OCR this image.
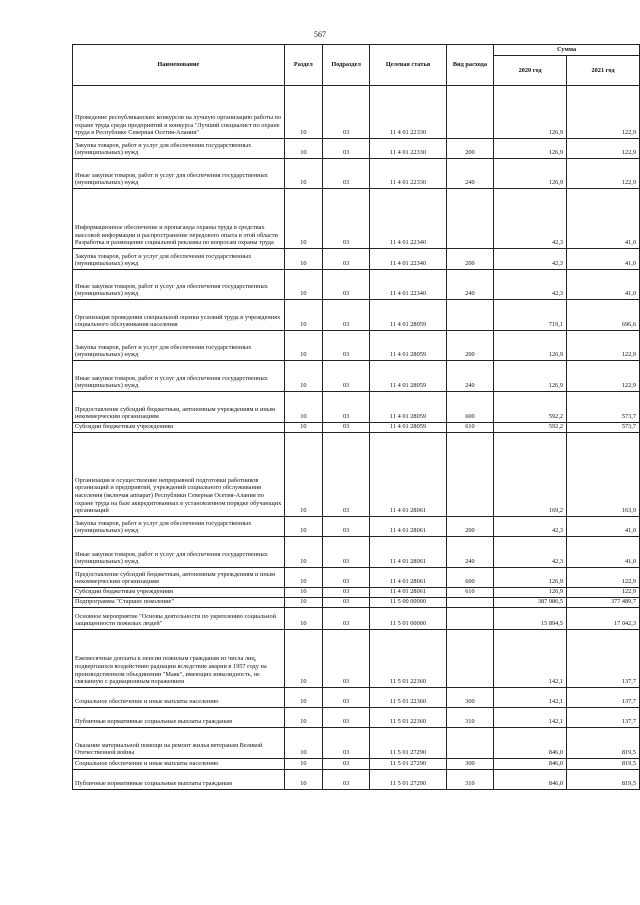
567
Наименование	Раздел	Подраздел	Целевая статья	Вид расхода	Сумма	
					2020 год	2021 год
Проведение республиканских конкурсов на лучшую организацию работы по охране труда среди предприятий и конкурса "Лучший специалист по охране труда в Республике Северная Осетия-Алания"	10	03	11 4 01 22330		126,9	122,9
Закупка товаров, работ и услуг для обеспечения государственных (муниципальных) нужд	10	03	11 4 01 22330	200	126,9	122,9
Иные закупки товаров, работ и услуг для обеспечения государственных (муниципальных) нужд	10	03	11 4 01 22330	240	126,9	122,9
Информационное обеспечение и пропаганда охраны труда в средствах массовой информации и распространение передового опыта в этой области Разработка и размещение социальной рекламы по вопросам охраны труда	10	03	11 4 01 22340		42,3	41,0
Закупка товаров, работ и услуг для обеспечения государственных (муниципальных) нужд	10	03	11 4 01 22340	200	42,3	41,0
Иные закупки товаров, работ и услуг для обеспечения государственных (муниципальных) нужд	10	03	11 4 01 22340	240	42,3	41,0
Организация проведения специальной оценки условий труда в учреждениях социального обслуживания населения	10	03	11 4 01 28059		719,1	696,6
Закупка товаров, работ и услуг для обеспечения государственных (муниципальных) нужд	10	03	11 4 01 28059	200	126,9	122,9
Иные закупки товаров, работ и услуг для обеспечения государственных (муниципальных) нужд	10	03	11 4 01 28059	240	126,9	122,9
Предоставление субсидий бюджетным, автономным учреждениям и иным некоммерческим организациям	10	03	11 4 01 28059	600	592,2	573,7
Субсидии бюджетным учреждениям	10	03	11 4 01 28059	610	592,2	573,7
Организация и осуществление непрерывной подготовки работников организаций и предприятий, учреждений социального обслуживания населения (включая аппарат) Республики Северная Осетия-Алания по охране труда на базе аккредитованных в установленном порядке обучающих организаций	10	03	11 4 01 28061		169,2	163,9
Закупка товаров, работ и услуг для обеспечения государственных (муниципальных) нужд	10	03	11 4 01 28061	200	42,3	41,0
Иные закупки товаров, работ и услуг для обеспечения государственных (муниципальных) нужд	10	03	11 4 01 28061	240	42,3	41,0
Предоставление субсидий бюджетным, автономным учреждениям и иным некоммерческим организациям	10	03	11 4 01 28061	600	126,9	122,9
Субсидии бюджетным учреждениям	10	03	11 4 01 28061	610	126,9	122,9
Подпрограмма "Старшее поколение"	10	03	11 5 00 00000		387 986,5	377 489,7
Основное мероприятие "Основы деятельности по укреплению социальной защищенности пожилых людей"	10	03	11 5 01 00000		15 894,5	17 042,3
Ежемесячные доплаты к пенсии пожилым гражданам из числа лиц, подвергшихся воздействию радиации вследствие аварии в 1957 году на производственном объединении "Маяк", имеющих инвалидность, не связанную с радиационным поражением	10	03	11 5 01 22360		142,1	137,7
Социальное обеспечение и иные выплаты населению	10	03	11 5 01 22360	300	142,1	137,7
Публичные нормативные социальные выплаты гражданам	10	03	11 5 01 22360	310	142,1	137,7
Оказание материальной помощи на ремонт жилья ветеранам Великой Отечественной войны	10	03	11 5 01 27290		846,0	819,5
Социальное обеспечение и иные выплаты населению	10	03	11 5 01 27290	300	846,0	819,5
Публичные нормативные социальные выплаты гражданам	10	03	11 5 01 27290	310	846,0	819,5
